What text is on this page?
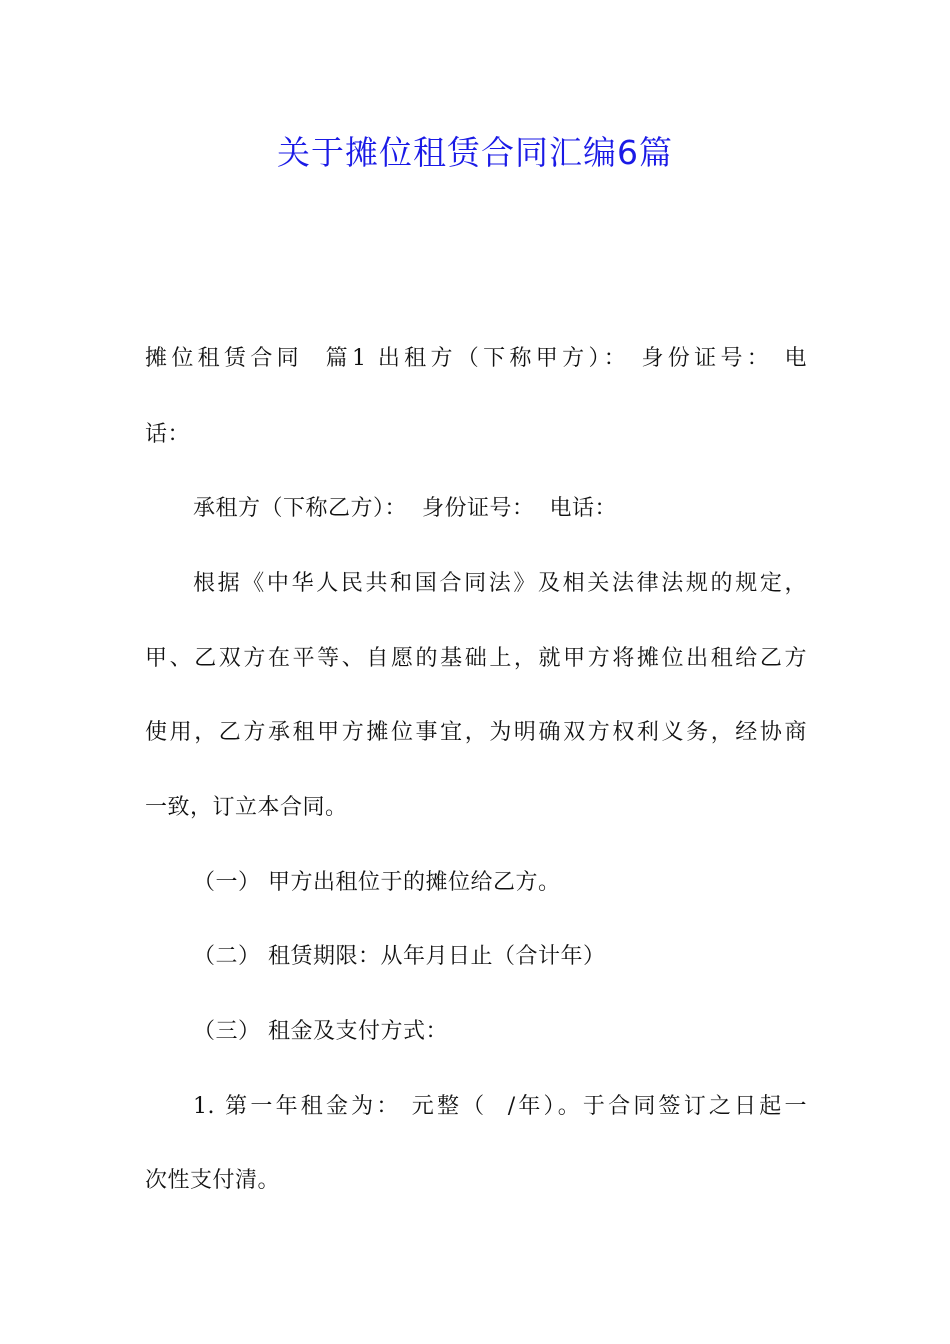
关于摊位租赁合同汇编6篇
摊位租赁合同  篇1 出租方（下称甲方）： 身份证号： 电
话：
承租方（下称乙方）：  身份证号：  电话：
根据《中华人民共和国合同法》及相关法律法规的规定，
甲、乙双方在平等、自愿的基础上，就甲方将摊位出租给乙方
使用，乙方承租甲方摊位事宜，为明确双方权利义务，经协商
一致，订立本合同。
（一） 甲方出租位于的摊位给乙方。
（二） 租赁期限：从年月日止（合计年）
（三） 租金及支付方式：
1. 第一年租金为： 元整（  /年）。于合同签订之日起一
次性支付清。
